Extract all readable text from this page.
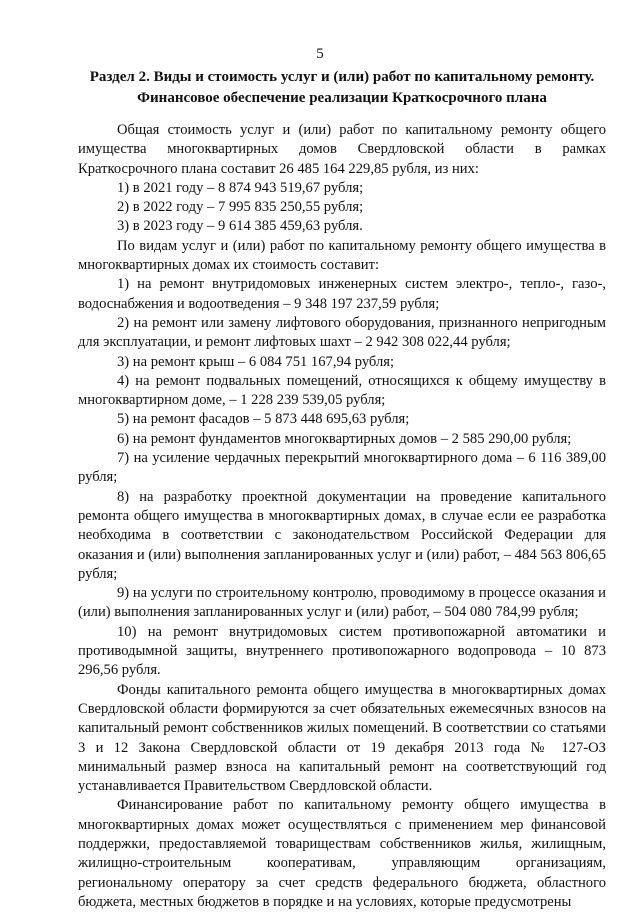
5
Раздел 2. Виды и стоимость услуг и (или) работ по капитальному ремонту.
Финансовое обеспечение реализации Краткосрочного плана

Общая стоимость услуг и (или) работ по капитальному ремонту общего имущества многоквартирных домов Свердловской области в рамках Краткосрочного плана составит 26 485 164 229,85 рубля, из них:

1) в 2021 году – 8 874 943 519,67 рубля;

2) в 2022 году – 7 995 835 250,55 рубля;

3) в 2023 году – 9 614 385 459,63 рубля.

По видам услуг и (или) работ по капитальному ремонту общего имущества в многоквартирных домах их стоимость составит:

1) на ремонт внутридомовых инженерных систем электро-, тепло-, газо-, водоснабжения и водоотведения – 9 348 197 237,59 рубля;

2) на ремонт или замену лифтового оборудования, признанного непригодным для эксплуатации, и ремонт лифтовых шахт – 2 942 308 022,44 рубля;

3) на ремонт крыш – 6 084 751 167,94 рубля;

4) на ремонт подвальных помещений, относящихся к общему имуществу в многоквартирном доме, – 1 228 239 539,05 рубля;

5) на ремонт фасадов – 5 873 448 695,63 рубля;

6) на ремонт фундаментов многоквартирных домов – 2 585 290,00 рубля;

7) на усиление чердачных перекрытий многоквартирного дома – 6 116 389,00 рубля;

8) на разработку проектной документации на проведение капитального ремонта общего имущества в многоквартирных домах, в случае если ее разработка необходима в соответствии с законодательством Российской Федерации для оказания и (или) выполнения запланированных услуг и (или) работ, – 484 563 806,65 рубля;

9) на услуги по строительному контролю, проводимому в процессе оказания и (или) выполнения запланированных услуг и (или) работ, – 504 080 784,99 рубля;

10) на ремонт внутридомовых систем противопожарной автоматики и противодымной защиты, внутреннего противопожарного водопровода – 10 873 296,56 рубля.

Фонды капитального ремонта общего имущества в многоквартирных домах Свердловской области формируются за счет обязательных ежемесячных взносов на капитальный ремонт собственников жилых помещений. В соответствии со статьями 3 и 12 Закона Свердловской области от 19 декабря 2013 года № 127-ОЗ минимальный размер взноса на капитальный ремонт на соответствующий год устанавливается Правительством Свердловской области.

Финансирование работ по капитальному ремонту общего имущества в многоквартирных домах может осуществляться с применением мер финансовой поддержки, предоставляемой товариществам собственников жилья, жилищным, жилищно-строительным кооперативам, управляющим организациям, региональному оператору за счет средств федерального бюджета, областного бюджета, местных бюджетов в порядке и на условиях, которые предусмотрены
